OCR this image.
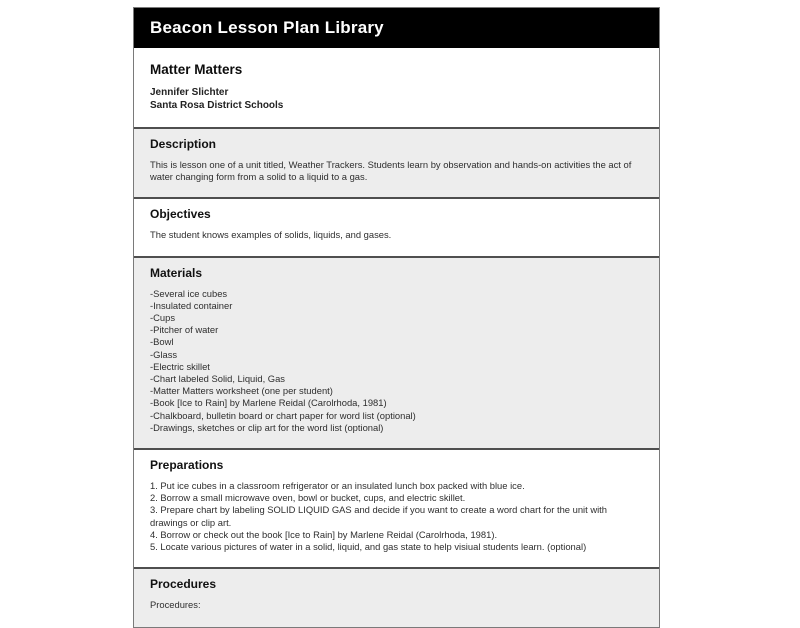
Beacon Lesson Plan Library
Matter Matters
Jennifer Slichter
Santa Rosa District Schools
Description
This is lesson one of a unit titled, Weather Trackers. Students learn by observation and hands-on activities the act of water changing form from a solid to a liquid to a gas.
Objectives
The student knows examples of solids, liquids, and gases.
Materials
-Several ice cubes
-Insulated container
-Cups
-Pitcher of water
-Bowl
-Glass
-Electric skillet
-Chart labeled Solid, Liquid, Gas
-Matter Matters worksheet (one per student)
-Book [Ice to Rain] by Marlene Reidal (Carolrhoda, 1981)
-Chalkboard, bulletin board or chart paper for word list (optional)
-Drawings, sketches or clip art for the word list (optional)
Preparations
1. Put ice cubes in a classroom refrigerator or an insulated lunch box packed with blue ice.
2. Borrow a small microwave oven, bowl or bucket, cups, and electric skillet.
3. Prepare chart by labeling SOLID LIQUID GAS and decide if you want to create a word chart for the unit with drawings or clip art.
4. Borrow or check out the book [Ice to Rain] by Marlene Reidal (Carolrhoda, 1981).
5. Locate various pictures of water in a solid, liquid, and gas state to help visiual students learn. (optional)
Procedures
Procedures:
